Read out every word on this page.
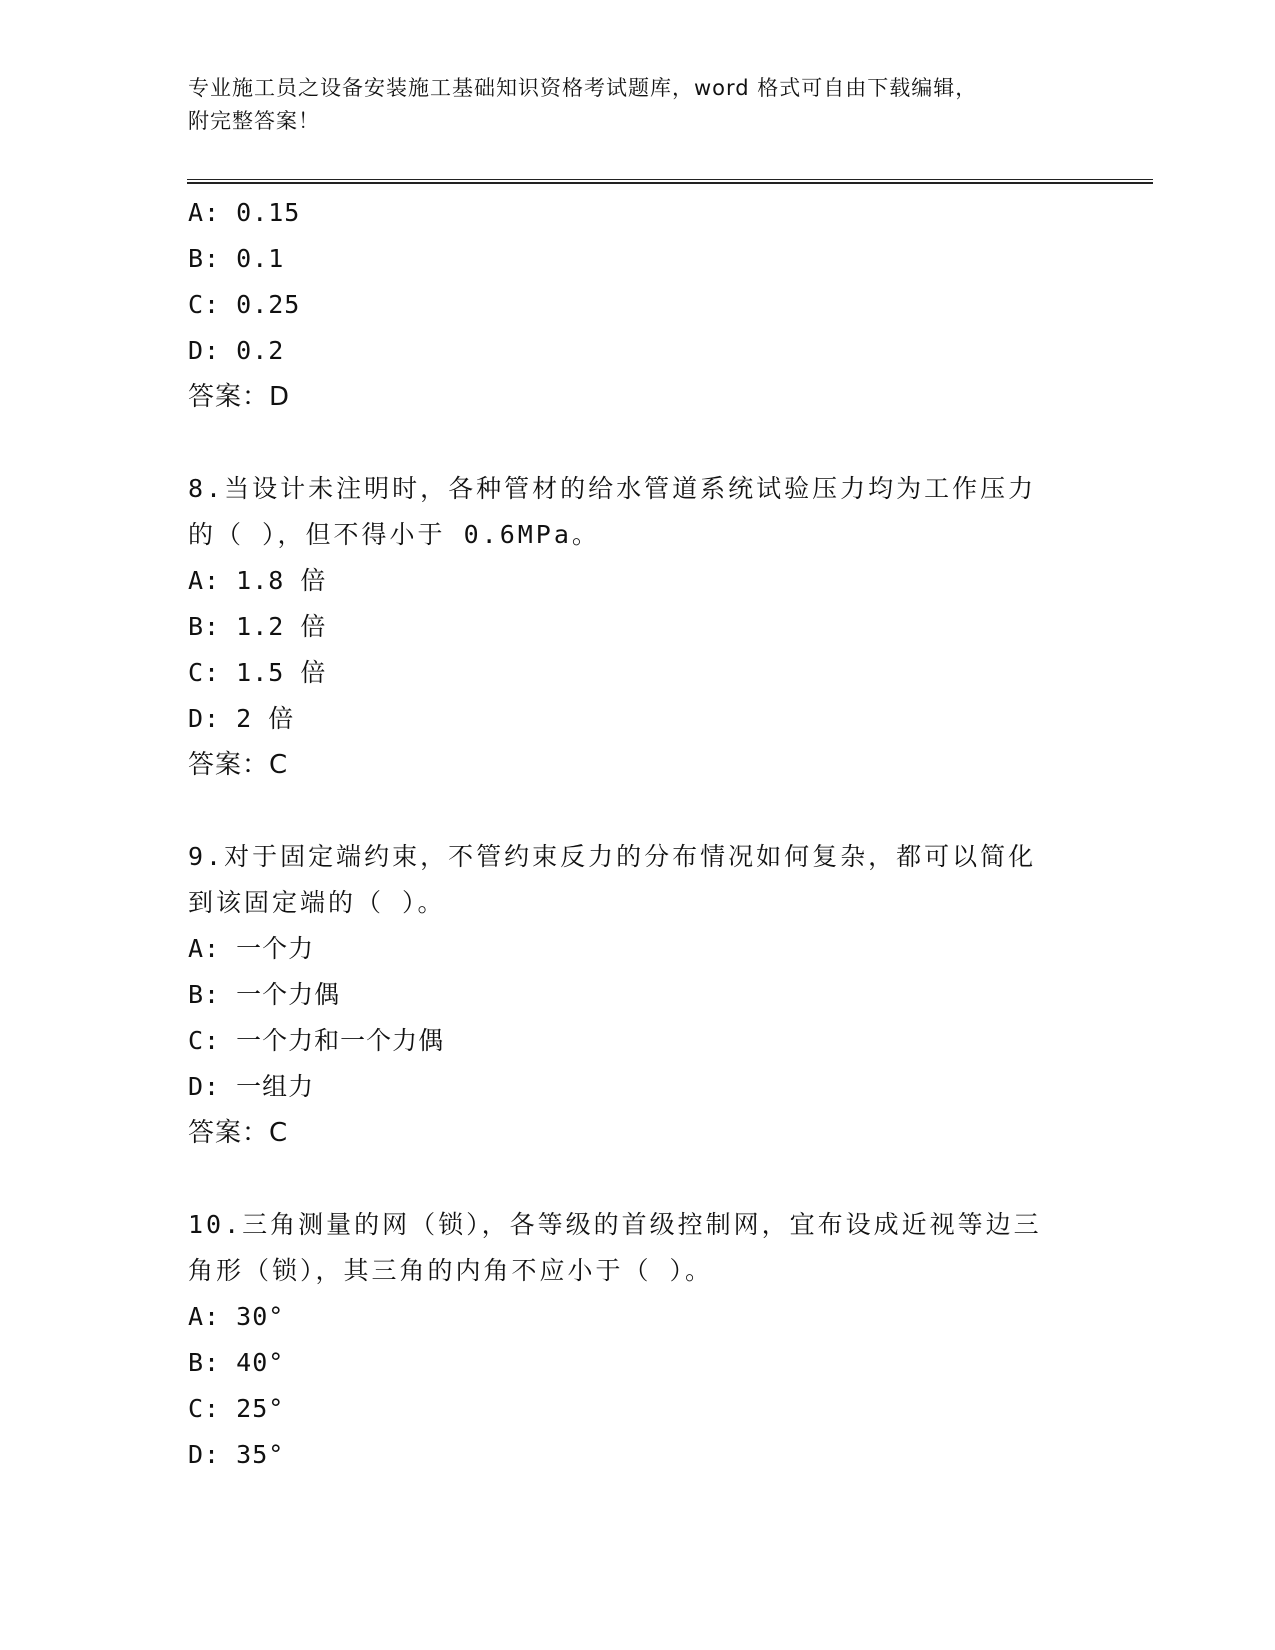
专业施工员之设备安装施工基础知识资格考试题库，word 格式可自由下载编辑，
附完整答案！
A: 0.15
B: 0.1
C: 0.25
D: 0.2
答案：D
8.当设计未注明时，各种管材的给水管道系统试验压力均为工作压力
的（ ），但不得小于 0.6MPa。
A: 1.8 倍
B: 1.2 倍
C: 1.5 倍
D: 2 倍
答案：C
9.对于固定端约束，不管约束反力的分布情况如何复杂，都可以简化
到该固定端的（ ）。
A: 一个力
B: 一个力偶
C: 一个力和一个力偶
D: 一组力
答案：C
10.三角测量的网（锁），各等级的首级控制网，宜布设成近视等边三
角形（锁），其三角的内角不应小于（ ）。
A: 30°
B: 40°
C: 25°
D: 35°
